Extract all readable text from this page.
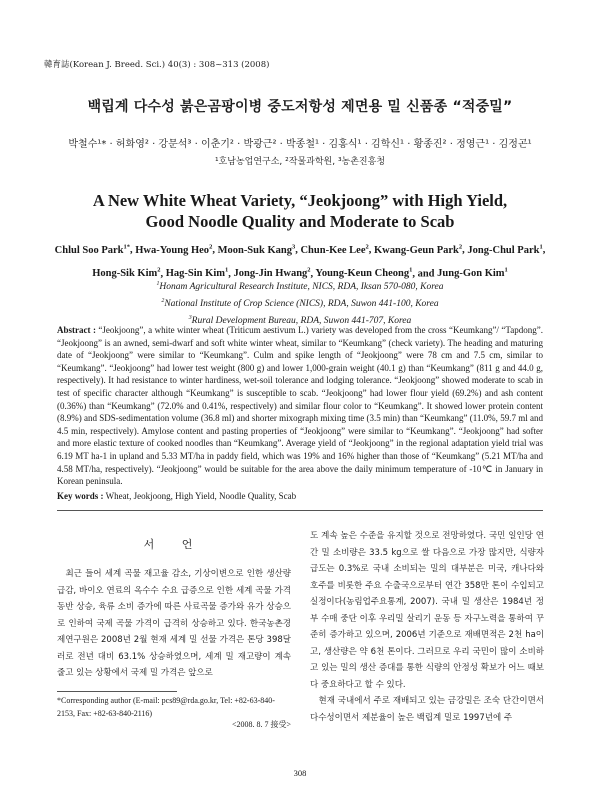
韓育誌(Korean J. Breed. Sci.) 40(3) : 308~313 (2008)
백립계 다수성 붉은곰팡이병 중도저항성 제면용 밀 신품종 “적중밀”
박철수¹* · 허화영² · 강문석³ · 이춘기² · 박광근² · 박종철¹ · 김홍식¹ · 김학신¹ · 황종진² · 정영근¹ · 김정곤¹
¹호남농업연구소, ²작물과학원, ³농촌진흥청
A New White Wheat Variety, “Jeokjoong” with High Yield,
Good Noodle Quality and Moderate to Scab
Chlul Soo Park$^{1*}$, Hwa-Young Heo$^2$, Moon-Suk Kang$^3$, Chun-Kee Lee$^2$, Kwang-Geun Park$^2$, Jong-Chul Park$^1$,
Hong-Sik Kim$^2$, Hag-Sin Kim$^1$, Jong-Jin Hwang$^2$, Young-Keun Cheong$^1$, and Jung-Gon Kim$^1$
$^1$Honam Agricultural Research Institute, NICS, RDA, Iksan 570-080, Korea
$^2$National Institute of Crop Science (NICS), RDA, Suwon 441-100, Korea
$^3$Rural Development Bureau, RDA, Suwon 441-707, Korea
Abstract : “Jeokjoong”, a white winter wheat (Triticum aestivum L.) variety was developed from the cross “Keumkang”/ “Tapdong”. “Jeokjoong” is an awned, semi-dwarf and soft white winter wheat, similar to “Keumkang” (check variety). The heading and maturing date of “Jeokjoong” were similar to “Keumkang”. Culm and spike length of “Jeokjoong” were 78 cm and 7.5 cm, similar to “Keumkang”. “Jeokjoong” had lower test weight (800 g) and lower 1,000-grain weight (40.1 g) than “Keumkang” (811 g and 44.0 g, respectively). It had resistance to winter hardiness, wet-soil tolerance and lodging tolerance. “Jeokjoong” showed moderate to scab in test of specific character although “Keumkang” is susceptible to scab. “Jeokjoong” had lower flour yield (69.2%) and ash content (0.36%) than “Keumkang” (72.0% and 0.41%, respectively) and similar flour color to “Keumkang”. It showed lower protein content (8.9%) and SDS-sedimentation volume (36.8 ml) and shorter mixograph mixing time (3.5 min) than “Keumkang” (11.0%, 59.7 ml and 4.5 min, respectively). Amylose content and pasting properties of “Jeokjoong” were similar to “Keumkang”. “Jeokjoong” had softer and more elastic texture of cooked noodles than “Keumkang”. Average yield of “Jeokjoong” in the regional adaptation yield trial was 6.19 MT ha-1 in upland and 5.33 MT/ha in paddy field, which was 19% and 16% higher than those of “Keumkang” (5.21 MT/ha and 4.58 MT/ha, respectively). “Jeokjoong” would be suitable for the area above the daily minimum temperature of -10℃ in January in Korean peninsula.
Key words : Wheat, Jeokjoong, High Yield, Noodle Quality, Scab
서 언

최근 들어 세계 곡물 재고율 감소, 기상이변으로 인한 생산량 급감, 바이오 연료의 옥수수 수요 급증으로 인한 세계 곡물 가격 동반 상승, 육류 소비 증가에 따른 사료곡물 증가와 유가 상승으로 인하여 국제 곡물 가격이 급격히 상승하고 있다. 한국농촌경제연구원은 2008년 2월 현재 세계 밀 선물 가격은 톤당 398달러로 전년 대비 63.1% 상승하였으며, 세계 밀 재고량이 계속 줄고 있는 상황에서 국제 밀 가격은 앞으로

도 계속 높은 수준을 유지할 것으로 전망하였다. 국민 일인당 연간 밀 소비량은 33.5 kg으로 쌀 다음으로 가장 많지만, 식량자급도는 0.3%로 국내 소비되는 밀의 대부분은 미국, 캐나다와 호주를 비롯한 주요 수출국으로부터 연간 358만 톤이 수입되고 실정이다(농림업주요통계, 2007). 국내 밀 생산은 1984년 정부 수매 중단 이후 우리밀 살리기 운동 등 자구노력을 통하여 꾸준히 증가하고 있으며, 2006년 기준으로 재배면적은 2천 ha이고, 생산량은 약 6천 톤이다. 그러므로 우리 국민이 많이 소비하고 있는 밀의 생산 증대를 통한 식량의 안정성 확보가 어느 때보다 중요하다고 할 수 있다.

현재 국내에서 주로 재배되고 있는 금강밀은 조숙 단간이면서 다수성이면서 제분율이 높은 백립계 밀로 1997년에 주

*Corresponding author (E-mail: pcs89@rda.go.kr, Tel: +82-63-840-2153, Fax: +82-63-840-2116)
<2008. 8. 7 接受>
308
